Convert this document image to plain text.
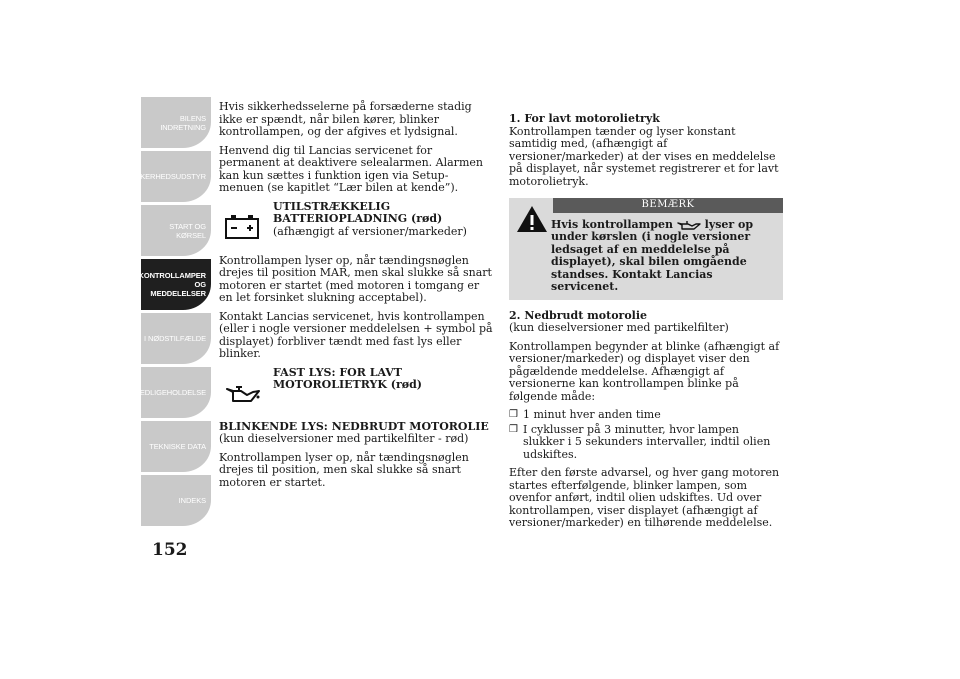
BILENS
INDRETNING
SIKKERHEDSUDSTYR
START OG KØRSEL
KONTROLLAMPER
OG MEDDELELSER
I NØDSTILFÆLDE
VEDLIGEHOLDELSE
TEKNISKE DATA
INDEKS
152

Hvis sikkerhedsselerne på forsæderne stadig ikke er spændt, når bilen kører, blinker kontrollampen, og der afgives et lydsignal.

Henvend dig til Lancias servicenet for permanent at deaktivere selealarmen. Alarmen kan kun sættes i funktion igen via Setup-menuen (se kapitlet “Lær bilen at kende”).

UTILSTRÆKKELIG BATTERIOPLADNING (rød)
(afhængigt af versioner/markeder)

Kontrollampen lyser op, når tændingsnøglen drejes til position MAR, men skal slukke så snart motoren er startet (med motoren i tomgang er en let forsinket slukning acceptabel).

Kontakt Lancias servicenet, hvis kontrollampen (eller i nogle versioner meddelelsen + symbol på displayet) forbliver tændt med fast lys eller blinker.

FAST LYS: FOR LAVT MOTOROLIETRYK (rød)
BLINKENDE LYS: NEDBRUDT MOTOROLIE

(kun dieselversioner med partikelfilter - rød)

Kontrollampen lyser op, når tændingsnøglen drejes til position, men skal slukke så snart motoren er startet.

1. For lavt motorolietryk

Kontrollampen tænder og lyser konstant samtidig med, (afhængigt af versioner/markeder) at der vises en meddelelse på displayet, når systemet registrerer et for lavt motorolietryk.

BEMÆRK
Hvis kontrollampen	lyser op under kørslen (i nogle versioner ledsaget af en meddelelse på displayet), skal bilen omgående standses. Kontakt Lancias servicenet.
2. Nedbrudt motorolie

(kun dieselversioner med partikelfilter)

Kontrollampen begynder at blinke (afhængigt af versioner/markeder) og displayet viser den pågældende meddelelse. Afhængigt af versionerne kan kontrollampen blinke på følgende måde:

❒ 1 minut hver anden time
❒ I cyklusser på 3 minutter, hvor lampen slukker i 5 sekunders intervaller, indtil olien udskiftes.

Efter den første advarsel, og hver gang motoren startes efterfølgende, blinker lampen, som ovenfor anført, indtil olien udskiftes. Ud over kontrollampen, viser displayet (afhængigt af versioner/markeder) en tilhørende meddelelse.
